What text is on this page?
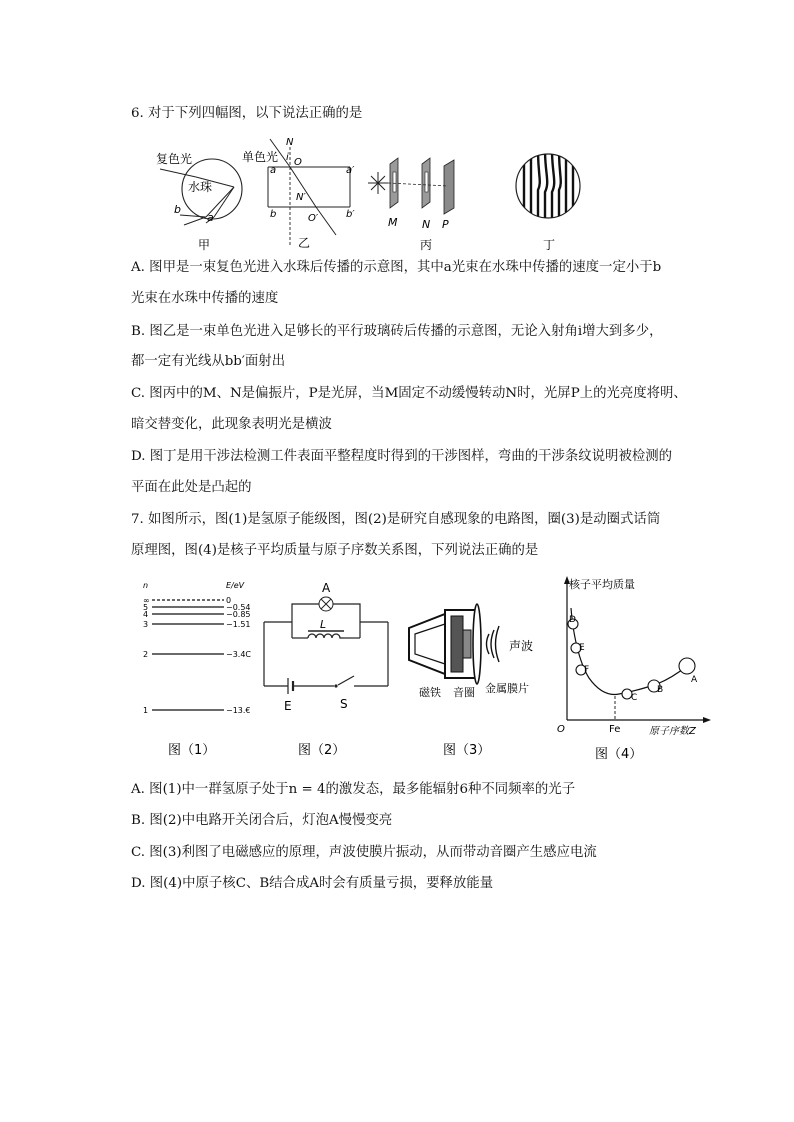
6. 对于下列四幅图，以下说法正确的是
复色光
水珠
b
a
甲
单色光
N
a	a′
b	b′
i O
N′
O′
乙
M N P
丙	丁
A. 图甲是一束复色光进入水珠后传播的示意图，其中a光束在水珠中传播的速度一定小于b
光束在水珠中传播的速度
B. 图乙是一束单色光进入足够长的平行玻璃砖后传播的示意图，无论入射角i增大到多少，
都一定有光线从bb′面射出
C. 图丙中的M、N是偏振片，P是光屏，当M固定不动缓慢转动N时，光屏P上的光亮度将明、
暗交替变化，此现象表明光是横波
D. 图丁是用干涉法检测工件表面平整程度时得到的干涉图样，弯曲的干涉条纹说明被检测的
平面在此处是凸起的
7. 如图所示，图(1)是氢原子能级图，图(2)是研究自感现象的电路图，圈(3)是动圈式话筒
原理图，图(4)是核子平均质量与原子序数关系图，下列说法正确的是
n	E/eV
∞	0
5	−0.54
4	−0.85
3	−1.51
2	−3.4C
1	−13.€
图（1）
A
L
E	S
图（2）
声波
磁铁 音圈 金属膜片
图（3）
核子平均质量
原子序数Z
O	Fe
D
E
F
C
B
A
图（4）
A. 图(1)中一群氢原子处于n = 4的激发态，最多能辐射6种不同频率的光子
B. 图(2)中电路开关闭合后，灯泡A慢慢变亮
C. 图(3)利图了电磁感应的原理，声波使膜片振动，从而带动音圈产生感应电流
D. 图(4)中原子核C、B结合成A时会有质量亏损，要释放能量
